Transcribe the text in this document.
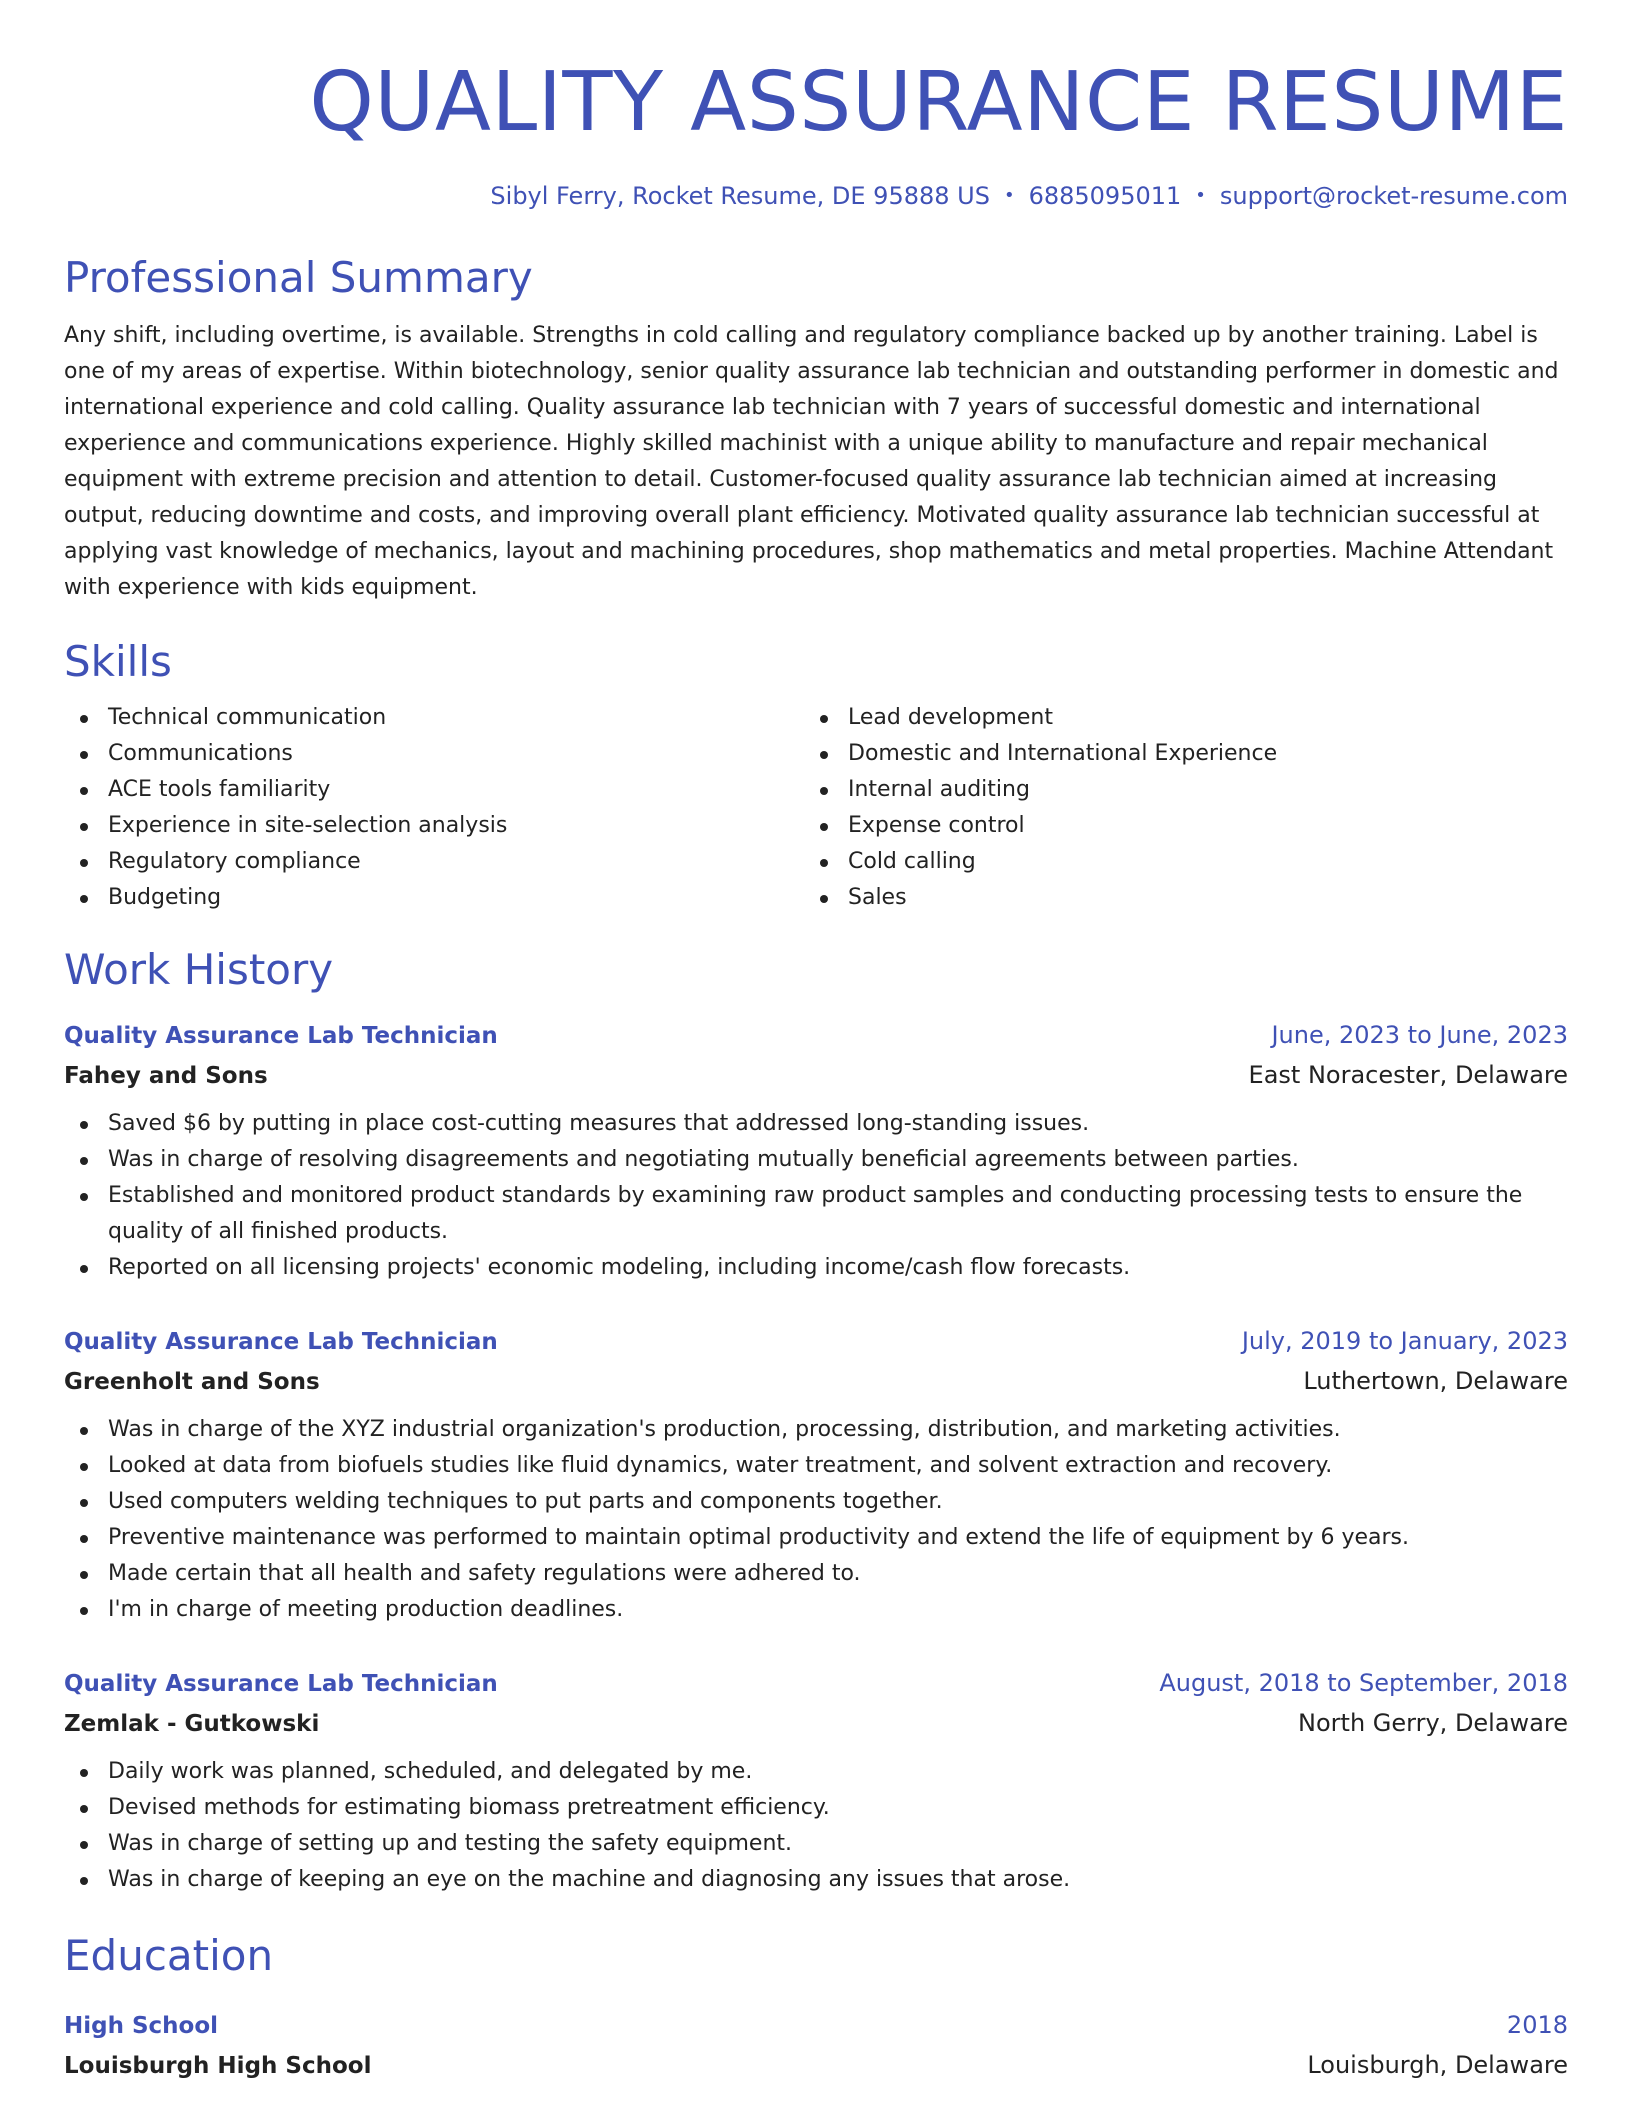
QUALITY ASSURANCE RESUME
Sibyl Ferry, Rocket Resume, DE 95888 US • 6885095011 • support@rocket-resume.com
Professional Summary
Any shift, including overtime, is available. Strengths in cold calling and regulatory compliance backed up by another training. Label is one of my areas of expertise. Within biotechnology, senior quality assurance lab technician and outstanding performer in domestic and international experience and cold calling. Quality assurance lab technician with 7 years of successful domestic and international experience and communications experience. Highly skilled machinist with a unique ability to manufacture and repair mechanical equipment with extreme precision and attention to detail. Customer-focused quality assurance lab technician aimed at increasing output, reducing downtime and costs, and improving overall plant efficiency. Motivated quality assurance lab technician successful at applying vast knowledge of mechanics, layout and machining procedures, shop mathematics and metal properties. Machine Attendant with experience with kids equipment.
Skills
Technical communication
Communications
ACE tools familiarity
Experience in site-selection analysis
Regulatory compliance
Budgeting
Lead development
Domestic and International Experience
Internal auditing
Expense control
Cold calling
Sales
Work History
Quality Assurance Lab Technician	June, 2023 to June, 2023
Fahey and Sons	East Noracester, Delaware
Saved $6 by putting in place cost-cutting measures that addressed long-standing issues.
Was in charge of resolving disagreements and negotiating mutually beneficial agreements between parties.
Established and monitored product standards by examining raw product samples and conducting processing tests to ensure the quality of all finished products.
Reported on all licensing projects' economic modeling, including income/cash flow forecasts.
Quality Assurance Lab Technician	July, 2019 to January, 2023
Greenholt and Sons	Luthertown, Delaware
Was in charge of the XYZ industrial organization's production, processing, distribution, and marketing activities.
Looked at data from biofuels studies like fluid dynamics, water treatment, and solvent extraction and recovery.
Used computers welding techniques to put parts and components together.
Preventive maintenance was performed to maintain optimal productivity and extend the life of equipment by 6 years.
Made certain that all health and safety regulations were adhered to.
I'm in charge of meeting production deadlines.
Quality Assurance Lab Technician	August, 2018 to September, 2018
Zemlak - Gutkowski	North Gerry, Delaware
Daily work was planned, scheduled, and delegated by me.
Devised methods for estimating biomass pretreatment efficiency.
Was in charge of setting up and testing the safety equipment.
Was in charge of keeping an eye on the machine and diagnosing any issues that arose.
Education
High School	2018
Louisburgh High School	Louisburgh, Delaware
